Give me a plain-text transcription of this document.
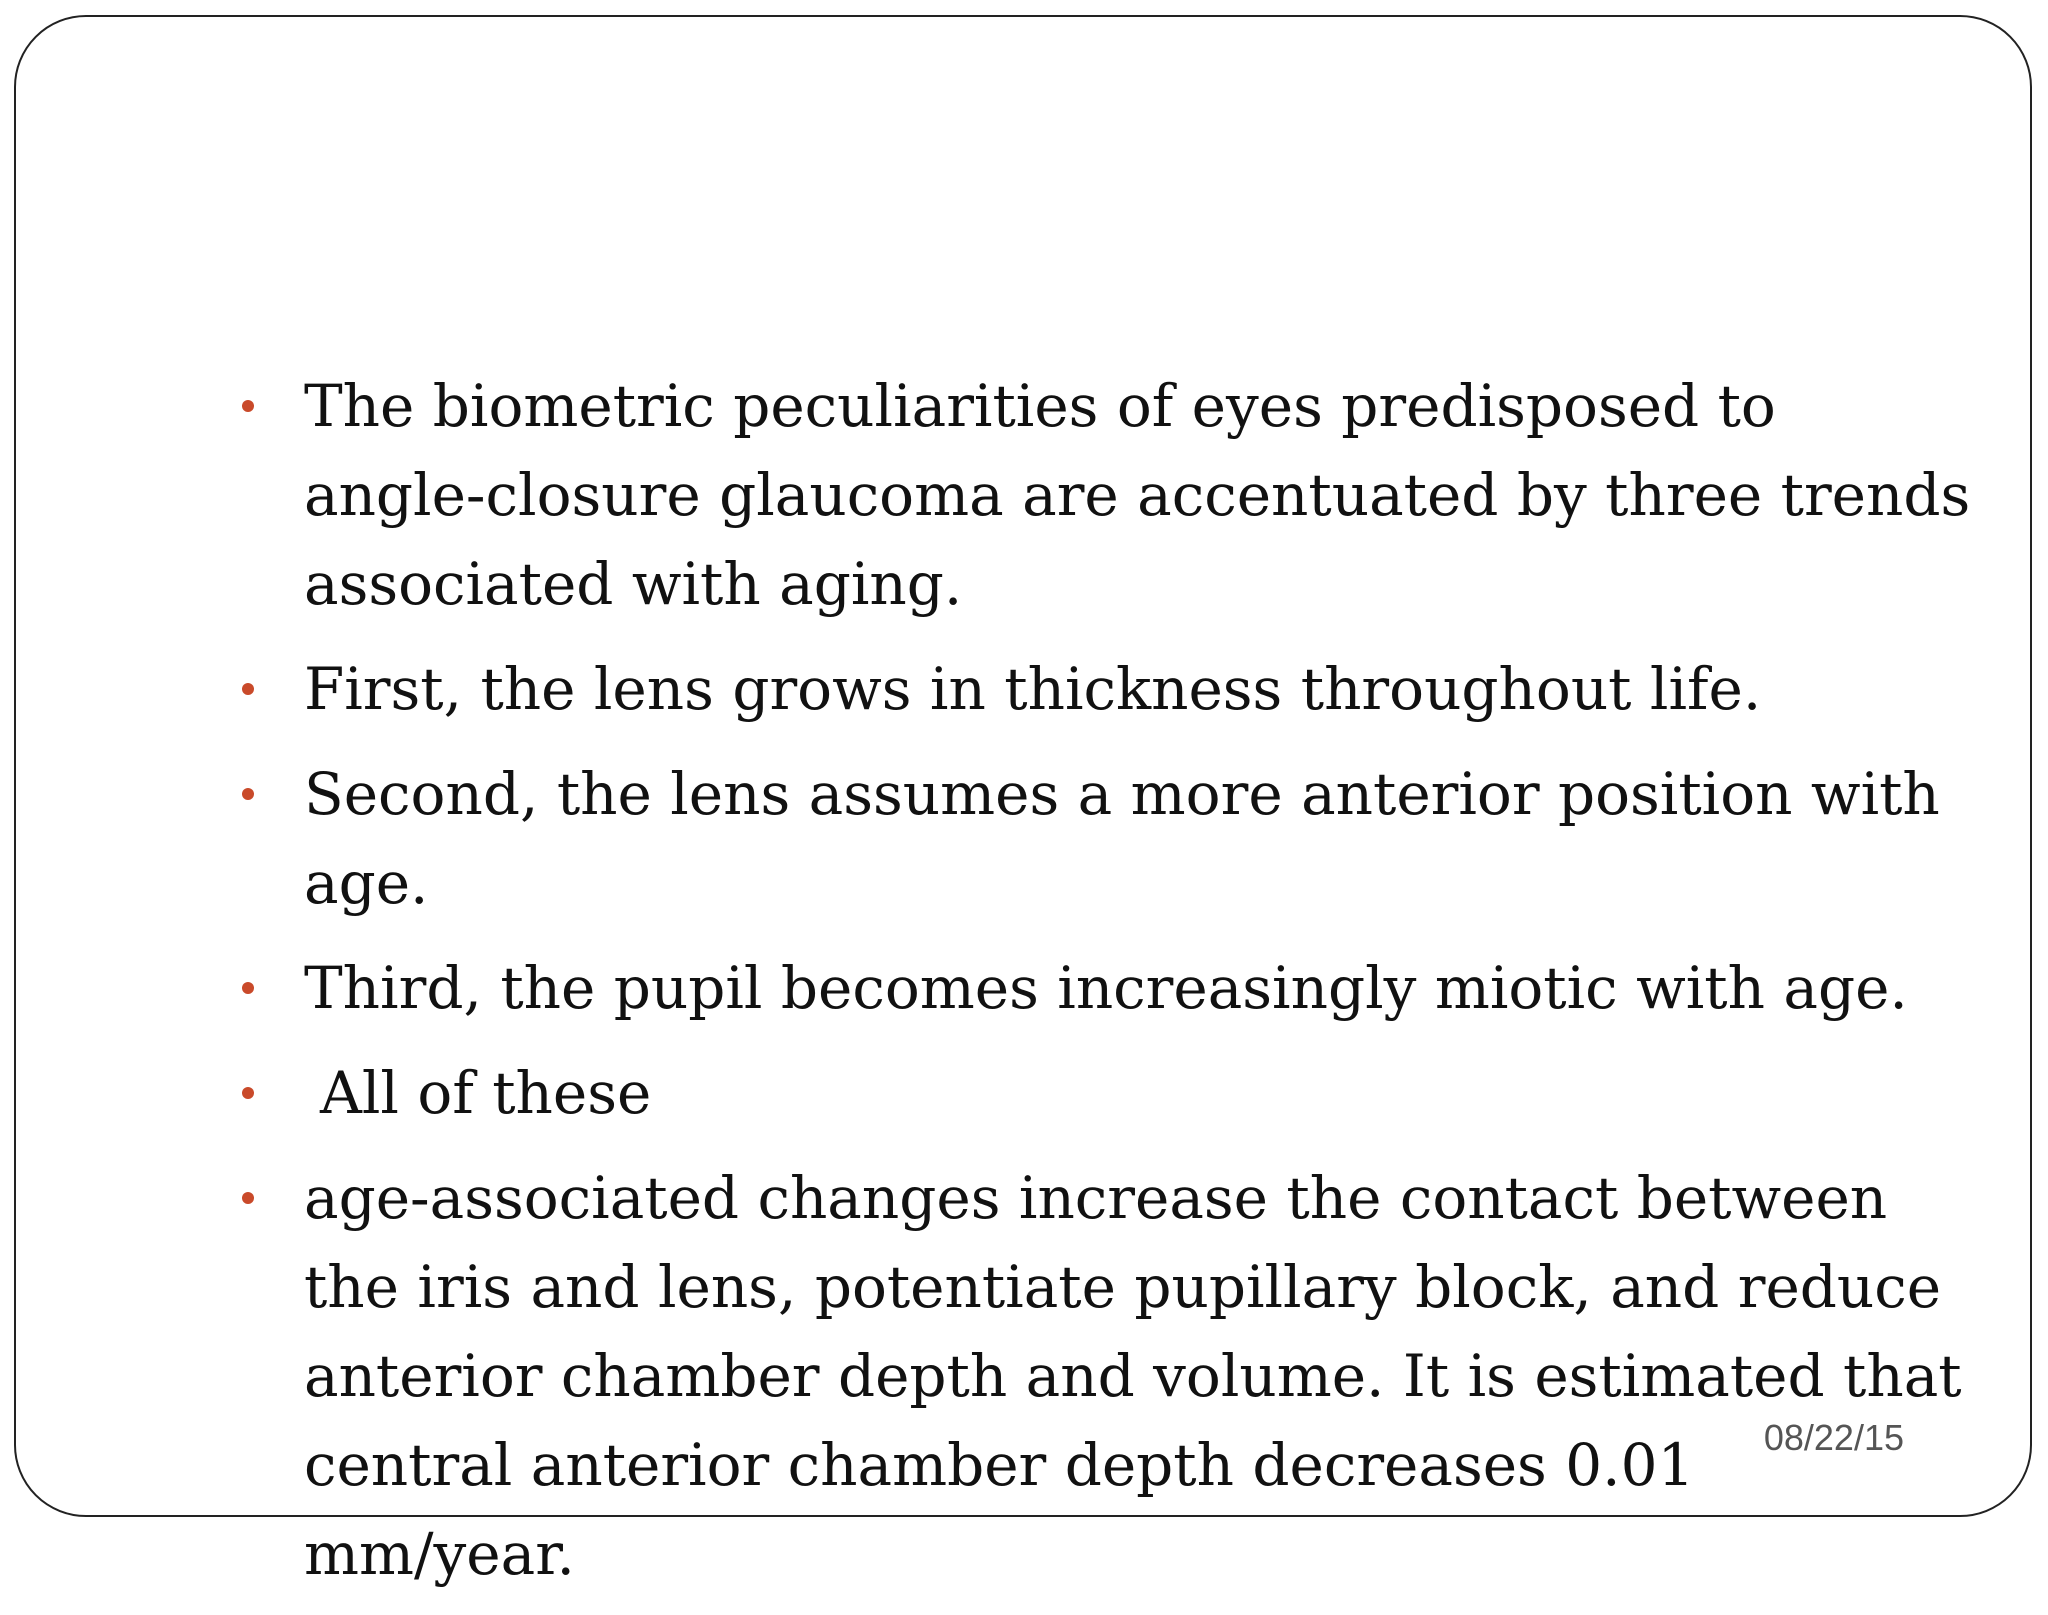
The biometric peculiarities of eyes predisposed to angle-closure glaucoma are accentuated by three trends associated with aging.
First, the lens grows in thickness throughout life.
Second, the lens assumes a more anterior position with age.
Third, the pupil becomes increasingly miotic with age.
All of these
age-associated changes increase the contact between the iris and lens, potentiate pupillary block, and reduce anterior chamber depth and volume. It is estimated that central anterior chamber depth decreases 0.01 mm/year.
08/22/15
